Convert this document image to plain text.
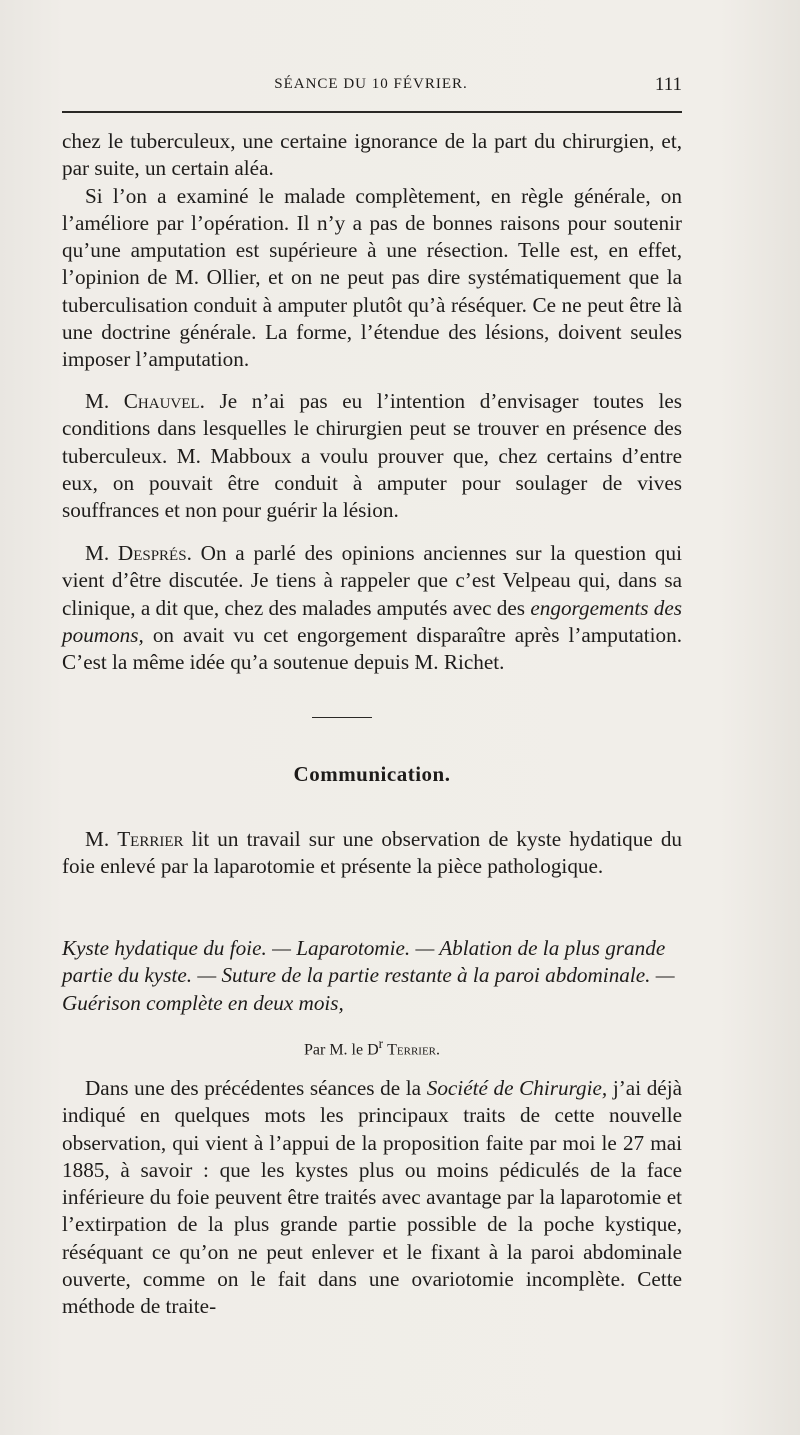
SÉANCE DU 10 FÉVRIER.	111

chez le tuberculeux, une certaine ignorance de la part du chirurgien, et, par suite, un certain aléa.

Si l’on a examiné le malade complètement, en règle générale, on l’améliore par l’opération. Il n’y a pas de bonnes raisons pour soutenir qu’une amputation est supérieure à une résection. Telle est, en effet, l’opinion de M. Ollier, et on ne peut pas dire systématiquement que la tuberculisation conduit à amputer plutôt qu’à réséquer. Ce ne peut être là une doctrine générale. La forme, l’étendue des lésions, doivent seules imposer l’amputation.

M. Chauvel. Je n’ai pas eu l’intention d’envisager toutes les conditions dans lesquelles le chirurgien peut se trouver en présence des tuberculeux. M. Mabboux a voulu prouver que, chez certains d’entre eux, on pouvait être conduit à amputer pour soulager de vives souffrances et non pour guérir la lésion.

M. Després. On a parlé des opinions anciennes sur la question qui vient d’être discutée. Je tiens à rappeler que c’est Velpeau qui, dans sa clinique, a dit que, chez des malades amputés avec des engorgements des poumons, on avait vu cet engorgement disparaître après l’amputation. C’est la même idée qu’a soutenue depuis M. Richet.

Communication.

M. Terrier lit un travail sur une observation de kyste hydatique du foie enlevé par la laparotomie et présente la pièce pathologique.

Kyste hydatique du foie. — Laparotomie. — Ablation de la plus grande partie du kyste. — Suture de la partie restante à la paroi abdominale. — Guérison complète en deux mois,
Par M. le $D^r$ Terrier.

Dans une des précédentes séances de la Société de Chirurgie, j’ai déjà indiqué en quelques mots les principaux traits de cette nouvelle observation, qui vient à l’appui de la proposition faite par moi le 27 mai 1885, à savoir : que les kystes plus ou moins pédiculés de la face inférieure du foie peuvent être traités avec avantage par la laparotomie et l’extirpation de la plus grande partie possible de la poche kystique, réséquant ce qu’on ne peut enlever et le fixant à la paroi abdominale ouverte, comme on le fait dans une ovariotomie incomplète. Cette méthode de traite-
